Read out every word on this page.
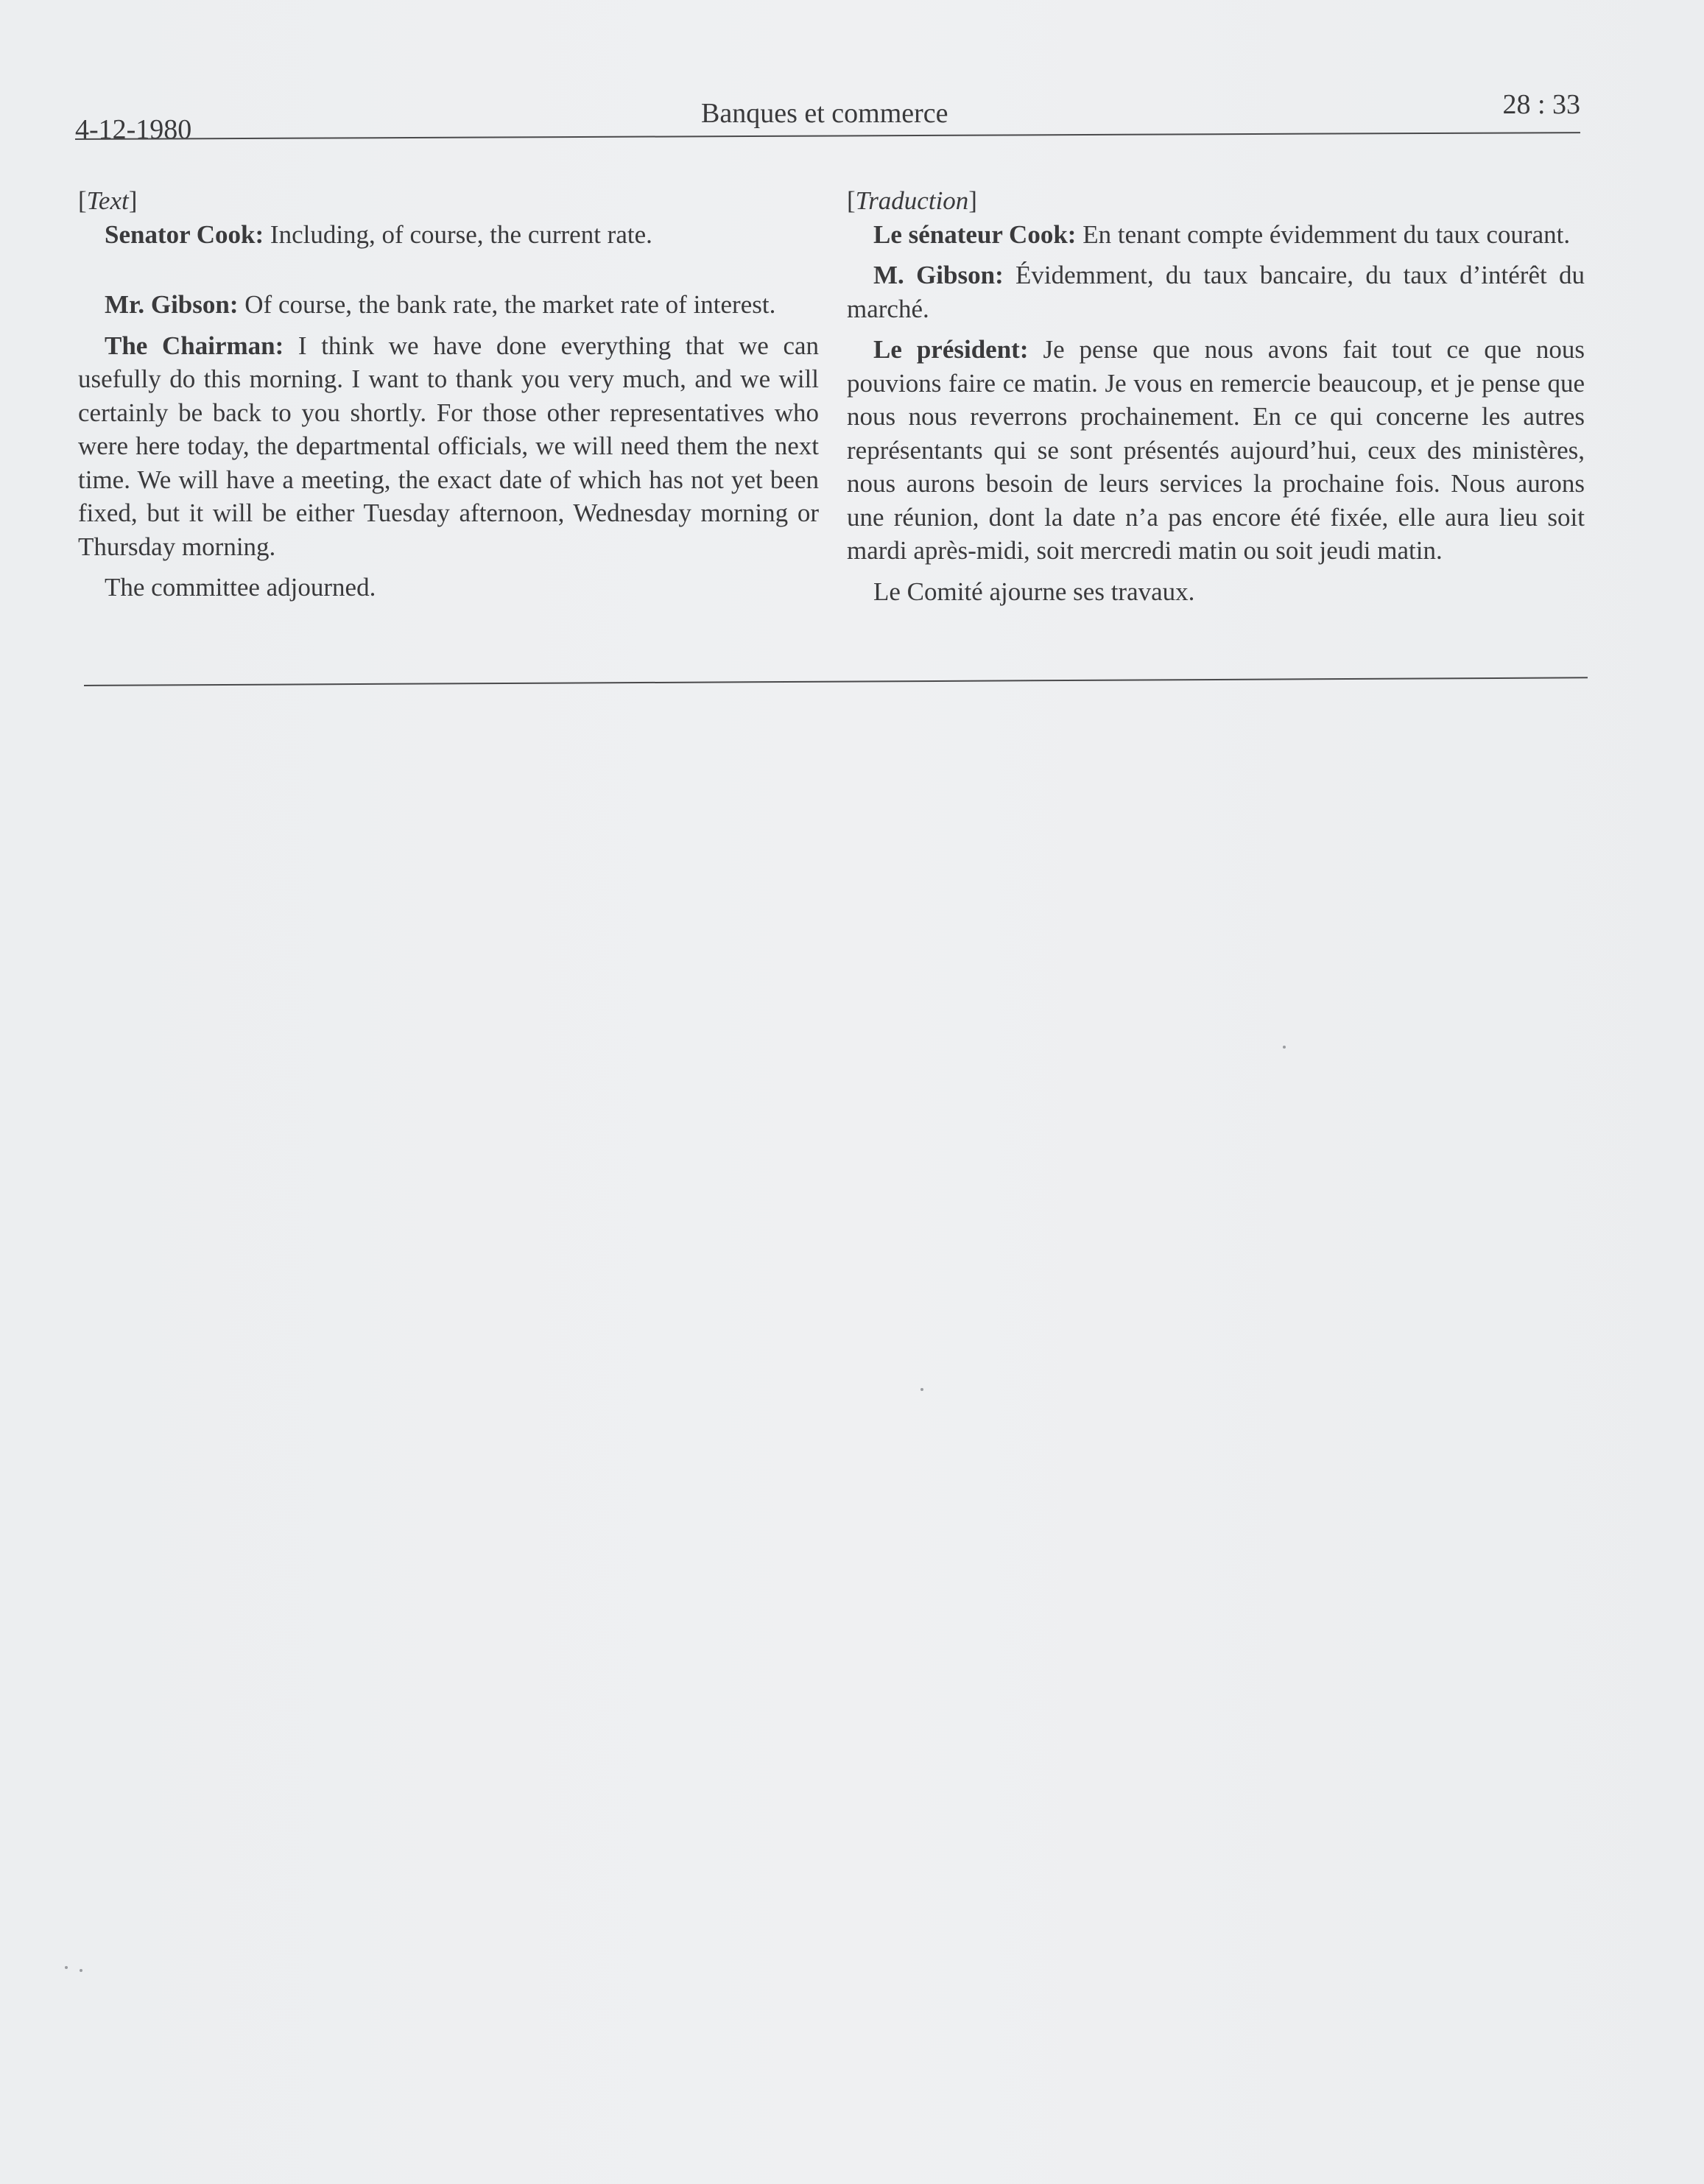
4-12-1980
Banques et commerce	28 : 33

[Text]

Senator Cook: Including, of course, the current rate.

Mr. Gibson: Of course, the bank rate, the market rate of interest.

The Chairman: I think we have done everything that we can usefully do this morning. I want to thank you very much, and we will certainly be back to you shortly. For those other representatives who were here today, the departmental officials, we will need them the next time. We will have a meeting, the exact date of which has not yet been fixed, but it will be either Tuesday afternoon, Wednesday morning or Thursday morning.

The committee adjourned.

[Traduction]

Le sénateur Cook: En tenant compte évidemment du taux courant.

M. Gibson: Évidemment, du taux bancaire, du taux d’intérêt du marché.

Le président: Je pense que nous avons fait tout ce que nous pouvions faire ce matin. Je vous en remercie beaucoup, et je pense que nous nous reverrons prochainement. En ce qui concerne les autres représentants qui se sont présentés aujourd’hui, ceux des ministères, nous aurons besoin de leurs services la prochaine fois. Nous aurons une réunion, dont la date n’a pas encore été fixée, elle aura lieu soit mardi après-midi, soit mercredi matin ou soit jeudi matin.

Le Comité ajourne ses travaux.
